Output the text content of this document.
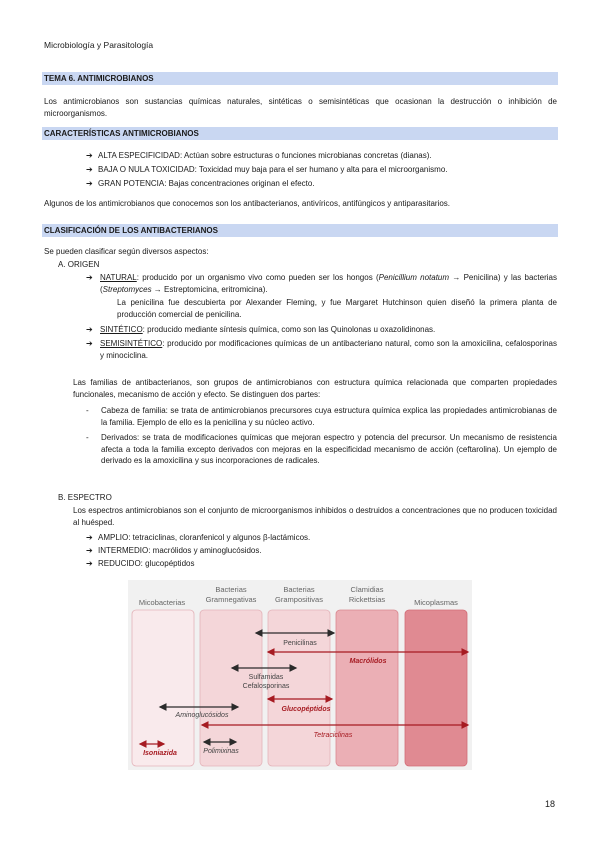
Microbiología y Parasitología
TEMA 6. ANTIMICROBIANOS
Los antimicrobianos son sustancias químicas naturales, sintéticas o semisintéticas que ocasionan la destrucción o inhibición de microorganismos.
CARACTERÍSTICAS ANTIMICROBIANOS
➔ ALTA ESPECIFICIDAD: Actúan sobre estructuras o funciones microbianas concretas (dianas).
➔ BAJA O NULA TOXICIDAD: Toxicidad muy baja para el ser humano y alta para el microorganismo.
➔ GRAN POTENCIA: Bajas concentraciones originan el efecto.
Algunos de los antimicrobianos que conocemos son los antibacterianos, antivíricos, antifúngicos y antiparasitarios.
CLASIFICACIÓN DE LOS ANTIBACTERIANOS
Se pueden clasificar según diversos aspectos:
A. ORIGEN
➔ NATURAL: producido por un organismo vivo como pueden ser los hongos (Penicillium notatum → Penicilina) y las bacterias (Streptomyces → Estreptomicina, eritromicina).
La penicilina fue descubierta por Alexander Fleming, y fue Margaret Hutchinson quien diseñó la primera planta de producción comercial de penicilina.
➔ SINTÉTICO: producido mediante síntesis química, como son las Quinolonas u oxazolidinonas.
➔ SEMISINTÉTICO: producido por modificaciones químicas de un antibacteriano natural, como son la amoxicilina, cefalosporinas y minociclina.
Las familias de antibacterianos, son grupos de antimicrobianos con estructura química relacionada que comparten propiedades funcionales, mecanismo de acción y efecto. Se distinguen dos partes:
- Cabeza de familia: se trata de antimicrobianos precursores cuya estructura química explica las propiedades antimicrobianas de la familia. Ejemplo de ello es la penicilina y su núcleo activo.
- Derivados: se trata de modificaciones químicas que mejoran espectro y potencia del precursor. Un mecanismo de resistencia afecta a toda la familia excepto derivados con mejoras en la especificidad mecanismo de acción (ceftarolina). Un ejemplo de derivado es la amoxicilina y sus incorporaciones de radicales.
B. ESPECTRO
Los espectros antimicrobianos son el conjunto de microorganismos inhibidos o destruidos a concentraciones que no producen toxicidad al huésped.
➔ AMPLIO: tetraciclinas, cloranfenicol y algunos β-lactámicos.
➔ INTERMEDIO: macrólidos y aminoglucósidos.
➔ REDUCIDO: glucopéptidos
Micobacterias
Bacterias
Gramnegativas
Bacterias
Grampositivas
Clamidias
Rickettsias	Micoplasmas
Penicilinas
Macrólidos
Sulfamidas
Cefalosporinas
Aminoglucósidos
Glucopéptidos
Tetraciclinas
Isoniazida	Polimixinas
18
